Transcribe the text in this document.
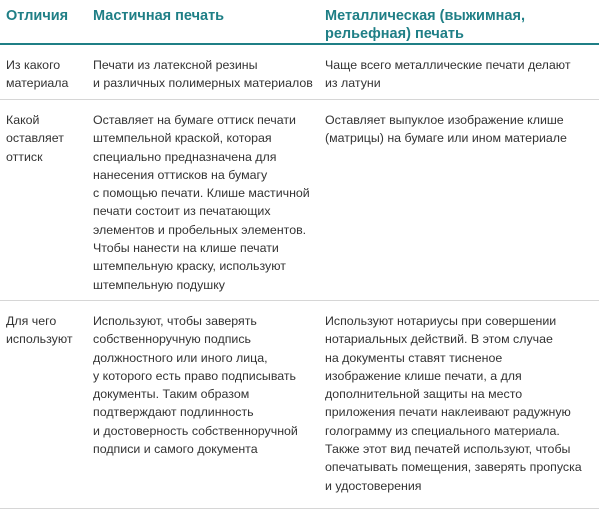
Отличия	Мастичная печать	Металлическая (выжимная,
рельефная) печать
Из какого
материала
Печати из латексной резины
и различных полимерных материалов
Чаще всего металлические печати делают
из латуни
Какой
оставляет
оттиск
Оставляет на бумаге оттиск печати
штемпельной краской, которая
специально предназначена для
нанесения оттисков на бумагу
с помощью печати. Клише мастичной
печати состоит из печатающих
элементов и пробельных элементов.
Чтобы нанести на клише печати
штемпельную краску, используют
штемпельную подушку
Оставляет выпуклое изображение клише
(матрицы) на бумаге или ином материале
Для чего
используют
Используют, чтобы заверять
собственноручную подпись
должностного или иного лица,
у которого есть право подписывать
документы. Таким образом
подтверждают подлинность
и достоверность собственноручной
подписи и самого документа
Используют нотариусы при совершении
нотариальных действий. В этом случае
на документы ставят тисненое
изображение клише печати, а для
дополнительной защиты на место
приложения печати наклеивают радужную
голограмму из специального материала.
Также этот вид печатей используют, чтобы
опечатывать помещения, заверять пропуска
и удостоверения
